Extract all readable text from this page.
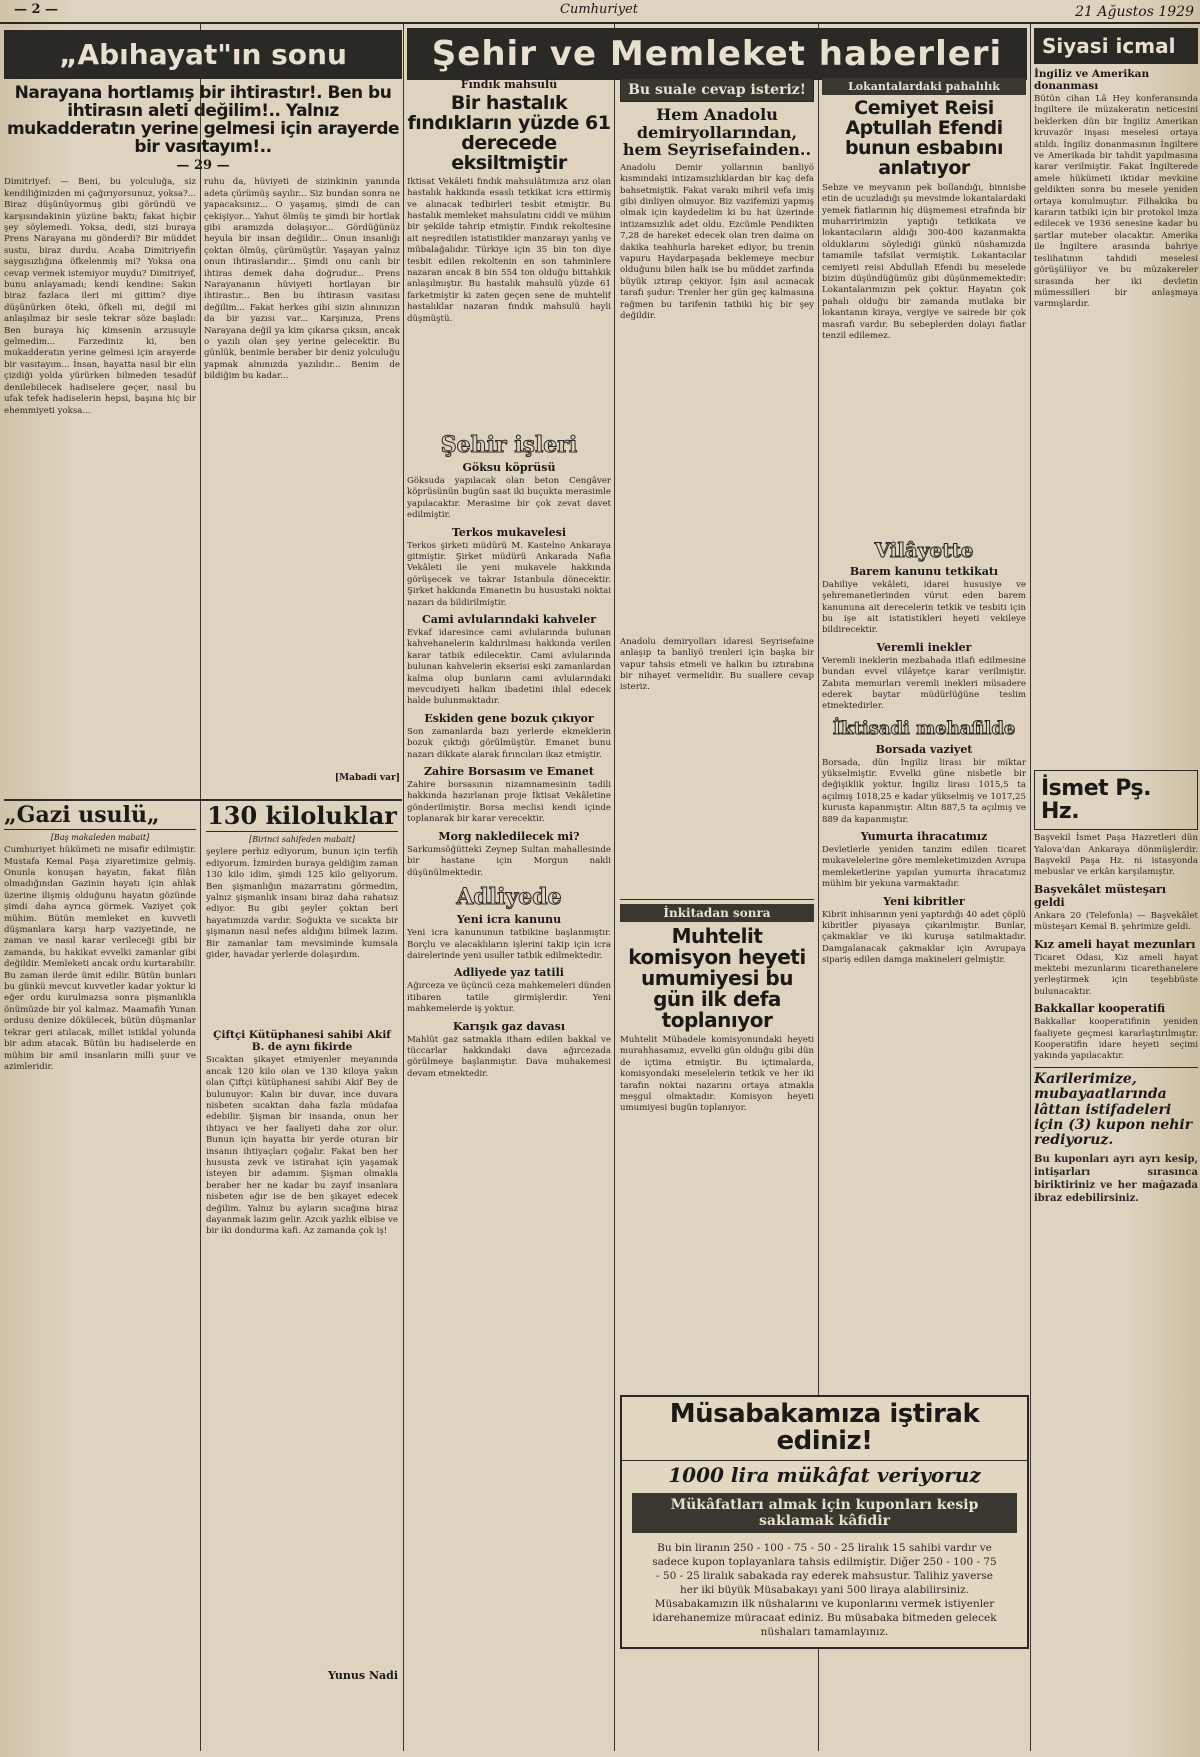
— 2 —	Cumhuriyet	21 Ağustos 1929
„Abıhayat"ın sonu
Narayana hortlamış bir ihtirastır!. Ben bu ihtirasın aleti değilim!.. Yalnız mukadderatın yerine gelmesi için arayerde bir vasıtayım!..
— 29 —
Dimitriyef: — Beni, bu yolculuğa, siz kendiliğinizden mi çağırıyorsunuz, yoksa?... Biraz düşünüyormuş gibi göründü ve karşısındakinin yüzüne baktı; fakat hiçbir şey söylemedi. Yoksa, dedi, sizi buraya Prens Narayana mı gönderdi? Bir müddet sustu, biraz durdu. Acaba Dimitriyefin saygısızlığına öfkelenmiş mi? Yoksa ona cevap vermek istemiyor muydu? Dimitriyef, bunu anlayamadı; kendi kendine: Sakın biraz fazlaca ileri mi gittim? diye düşünürken öteki, öfkeli mi, değil mi anlaşılmaz bir sesle tekrar söze başladı: Ben buraya hiç kimsenin arzusuyle gelmedim... Farzediniz ki, ben mukadderatın yerine gelmesi için arayerde bir vasıtayım... İnsan, hayatta nasıl bir elin çizdiği yolda yürürken bilmeden tesadüf denilebilecek hadiselere geçer, nasıl bu ufak tefek hadiselerin hepsi, başına hiç bir ehemmiyeti yoksa...
ruhu da, hüviyeti de sizinkinin yanında adeta çürümüş sayılır... Siz bundan sonra ne yapacaksınız... O yaşamış, şimdi de can çekişiyor... Yahut ölmüş te şimdi bir hortlak gibi aramızda dolaşıyor... Gördüğünüz heyula bir insan değildir... Onun insanlığı çoktan ölmüş, çürümüştür. Yaşayan yalnız onun ihtiraslarıdır... Şimdi onu canlı bir ihtiras demek daha doğrudur... Prens Narayananın hüviyeti hortlayan bir ihtirastır... Ben bu ihtirasın vasıtası değilim... Fakat herkes gibi sizin alınınızın da bir yazısı var... Karşınıza, Prens Narayana değil ya kim çıkarsa çıksın, ancak o yazılı olan şey yerine gelecektir. Bu günlük, benimle beraber bir deniz yolculuğu yapmak alnınızda yazılıdır... Benim de bildiğim bu kadar...
[Mabadi var]
„Gazi usulü„
[Baş makaleden mabait]
Cumhuriyet hükümeti ne misafir edilmiştir. Mustafa Kemal Paşa ziyaretimize gelmiş. Onunla konuşan hayatın, fakat filân olmadığından Gazinin hayatı için ahlak üzerine ilişmiş olduğunu hayatın gözünde şimdi daha ayrıca görmek. Vaziyet çok mühim. Bütün memleket en kuvvetli düşmanlara karşı harp vaziyetinde, ne zaman ve nasıl karar verileceği gibi bir zamanda, bu hakikat evvelki zamanlar gibi değildir. Memleketi ancak ordu kurtarabilir. Bu zaman ilerde ümit edilir. Bütün bunları bu günkü mevcut kuvvetler kadar yoktur ki eğer ordu kurulmazsa sonra pişmanlıkla önümüzde bir yol kalmaz. Maamafih Yunan ordusu denize dökülecek, bütün düşmanlar tekrar geri atılacak, millet istiklal yolunda bir adım atacak. Bütün bu hadiselerde en mühim bir amil insanların milli şuur ve azimleridir.
130 kiloluklar
[Birinci sahifeden mabait]
şeylere perhiz ediyorum, bunun için terfih ediyorum. İzmirden buraya geldiğim zaman 130 kilo idim, şimdi 125 kilo geliyorum. Ben şişmanlığın mazarratını görmedim, yalnız şişmanlık insanı biraz daha rahatsız ediyor. Bu gibi şeyler çoktan beri hayatımızda vardır. Soğukta ve sıcakta bir şişmanın nasıl nefes aldığını bilmek lazım. Bir zamanlar tam mevsiminde kumsala gider, havadar yerlerde dolaşırdım.
Çiftçi Kütüphanesi sahibi Akif B. de aynı fikirde
Sıcaktan şikayet etmiyenler meyanında ancak 120 kilo olan ve 130 kiloya yakın olan Çiftçi kütüphanesi sahibi Akif Bey de bulunuyor: Kalın bir duvar, ince duvara nisbeten sıcaktan daha fazla müdafaa edebilir. Şişman bir insanda, onun her ihtiyacı ve her faaliyeti daha zor olur. Bunun için hayatta bir yerde oturan bir insanın ihtiyaçları çoğalır. Fakat ben her hususta zevk ve istirahat için yaşamak isteyen bir adamım. Şişman olmakla beraber her ne kadar bu zayıf insanlara nisbeten ağır ise de ben şikayet edecek değilim. Yalnız bu ayların sıcağına biraz dayanmak lazım gelir. Azcık yazlık elbise ve bir iki dondurma kafi. Az zamanda çok iş!
Yunus Nadi
Şehir ve Memleket haberleri
Fındık mahsulü
Bir hastalık fındıkların yüzde 61 derecede eksiltmiştir
İktisat Vekâleti fındık mahsulâtımıza arız olan hastalık hakkında esaslı tetkikat icra ettirmiş ve alınacak tedbirleri tesbit etmiştir. Bu hastalık memleket mahsulatını ciddi ve mühim bir şekilde tahrip etmiştir. Fındık rekoltesine ait neşredilen istatistikler manzarayı yanlış ve mübalağalıdır. Türkiye için 35 bin ton diye tesbit edilen rekoltenin en son tahminlere nazaran ancak 8 bin 554 ton olduğu bittahkik anlaşılmıştır. Bu hastalık mahsulü yüzde 61 farketmiştir ki zaten geçen sene de muhtelif hastalıklar nazaran fındık mahsulü hayli düşmüştü.
Şehir işleri
Göksu köprüsü
Göksuda yapılacak olan beton Cengâver köprüsünün bugün saat iki buçukta merasimle yapılacaktır. Merasime bir çok zevat davet edilmiştir.
Terkos mukavelesi
Terkos şirketi müdürü M. Kastelno Ankaraya gitmiştir. Şirket müdürü Ankarada Nafia Vekâleti ile yeni mukavele hakkında görüşecek ve takrar Istanbula dönecektir. Şirket hakkında Emanetin bu husustaki noktai nazarı da bildirilmiştir.
Cami avlularındaki kahveler
Evkaf idaresince cami avlularında bulunan kahvehanelerin kaldırılması hakkında verilen karar tatbik edilecektir. Cami avlularında bulunan kahvelerin ekserisi eski zamanlardan kalma olup bunların cami avlularındaki mevcudiyeti halkın ibadetini ihlal edecek halde bulunmaktadır.
Eskiden gene bozuk çıkıyor
Son zamanlarda bazı yerlerde ekmeklerin bozuk çıktığı görülmüştür. Emanet bunu nazarı dikkate alarak fırıncıları ikaz etmiştir.
Zahire Borsasım ve Emanet
Zahire borsasının nizamnamesinin tadili hakkında hazırlanan proje İktisat Vekâletine gönderilmiştir. Borsa meclisi kendi içinde toplanarak bir karar verecektir.
Morg nakledilecek mi?
Sarkumsöğütteki Zeynep Sultan mahallesinde bir hastane için Morgun nakli düşünülmektedir.
Adliyede
Yeni icra kanunu
Yeni icra kanununun tatbikine başlanmıştır. Borçlu ve alacaklıların işlerini takip için icra dairelerinde yeni usuller tatbik edilmektedir.
Adliyede yaz tatili
Ağırceza ve üçüncü ceza mahkemeleri dünden itibaren tatile girmişlerdir. Yeni mahkemelerde iş yoktur.
Karışık gaz davası
Mahlût gaz satmakla itham edilen bakkal ve tüccarlar hakkındaki dava ağırcezada görülmeye başlanmıştır. Dava muhakemesi devam etmektedir.
Bu suale cevap isteriz!
Hem Anadolu demiryollarından, hem Seyrisefainden..
Anadolu Demir yollarının banliyö kısmındaki intizamsızlıklardan bir kaç defa bahsetmiştik. Fakat varakı mihril vefa imiş gibi dinliyen olmuyor. Biz vazifemizi yapmış olmak için kaydedelim ki bu hat üzerinde intizamsızlık adet oldu. Ezcümle Pendikten 7,28 de hareket edecek olan tren daima on dakika teahhurla hareket ediyor, bu trenin vapuru Haydarpaşada beklemeye mecbur olduğunu bilen halk ise bu müddet zarfında büyük ıztırap çekiyor. İşin asıl acınacak tarafı şudur: Trenler her gün geç kalmasına rağmen bu tarifenin tatbiki hiç bir şey değildir.
Anadolu demiryolları idaresi Seyrisefaine anlaşıp ta banliyö trenleri için başka bir vapur tahsis etmeli ve halkın bu ıztırabına bir nihayet vermelidir. Bu suallere cevap isteriz.
İnkitadan sonra
Muhtelit komisyon heyeti umumiyesi bu gün ilk defa toplanıyor
Muhtelit Mübadele komisyonundaki heyeti murahhasamız, evvelki gün olduğu gibi dün de içtima etmiştir. Bu içtimalarda, komisyondaki meselelerin tetkik ve her iki tarafın noktai nazarını ortaya atmakla meşgul olmaktadır. Komisyon heyeti umumiyesi bugün toplanıyor.
Müsabakamıza iştirak ediniz!
1000 lira mükâfat veriyoruz
Mükâfatları almak için kuponları kesip saklamak kâfidir
Bu bin liranın 250 - 100 - 75 - 50 - 25 liralık 15 sahibi vardır ve sadece kupon toplayanlara tahsis edilmiştir. Diğer 250 - 100 - 75 - 50 - 25 liralık sabakada ray ederek mahsustur. Talihiz yaverse her iki büyük Müsabakayı yani 500 liraya alabilirsiniz. Müsabakamızın ilk nüshalarını ve kuponlarını vermek istiyenler idarehanemize müracaat ediniz. Bu müsabaka bitmeden gelecek nüshaları tamamlayınız.
Lokantalardaki pahalılık
Cemiyet Reisi Aptullah Efendi bunun esbabını anlatıyor
Sebze ve meyvanın pek bollandığı, binnisbe etin de ucuzladığı şu mevsimde lokantalardaki yemek fiatlarının hiç düşmemesi etrafında bir muharririmizin yaptığı tetkikata ve lokantacıların aldığı 300-400 kazanmakta olduklarını söylediği günkü nüshamızda tamamile tafsilat vermiştik. Lokantacılar cemiyeti reisi Abdullah Efendi bu meselede bizim düşündüğümüz gibi düşünmemektedir: Lokantalarımızın pek çoktur. Hayatın çok pahalı olduğu bir zamanda mutlaka bir lokantanın kiraya, vergiye ve sairede bir çok masrafı vardır. Bu sebeplerden dolayı fiatlar tenzil edilemez.
Vilâyette
Barem kanunu tetkikatı
Dahiliye vekâleti, idarei hususiye ve şehremanetlerinden vürut eden barem kanununa ait derecelerin tetkik ve tesbiti için bu işe ait istatistikleri heyeti vekileye bildirecektir.
Veremli inekler
Veremli ineklerin mezbahada itlafı edilmesine bundan evvel vilâyetçe karar verilmiştir. Zabıta memurları veremli inekleri müsadere ederek baytar müdürlüğüne teslim etmektedirler.
İktisadi mehafilde
Borsada vaziyet
Borsada, dün İngiliz lirası bir miktar yükselmiştir. Evvelki güne nisbetle bir değişiklik yoktur. İngiliz lirası 1015,5 ta açılmış 1018,25 e kadar yükselmiş ve 1017,25 kurusta kapanmıştır. Altın 887,5 ta açılmış ve 889 da kapanmıştır.
Yumurta ihracatımız
Devletlerle yeniden tanzim edilen ticaret mukavelelerine göre memleketimizden Avrupa memleketlerine yapılan yumurta ihracatımız mühim bir yekuna varmaktadır.
Yeni kibritler
Kibrit inhisarının yeni yaptırdığı 40 adet çöplü kibritler piyasaya çıkarılmıştır. Bunlar, çakmaklar ve iki kuruşa satılmaktadır. Damgalanacak çakmaklar için Avrupaya sipariş edilen damga makineleri gelmiştir.
Siyasi icmal
İngiliz ve Amerikan donanması
Bütün cihan Lâ Hey konferansında İngiltere ile müzakeratın neticesini beklerken dün bir İngiliz Amerikan kruvazör inşası meselesi ortaya atıldı. İngiliz donanmasının İngiltere ve Amerikada bir tahdit yapılmasına karar verilmiştir. Fakat İngilterede amele hükümeti iktidar mevkiine geldikten sonra bu mesele yeniden ortaya konulmuştur. Filhakika bu kararın tatbiki için bir protokol imza edilecek ve 1936 senesine kadar bu şartlar muteber olacaktır. Amerika ile İngiltere arasında bahriye teslihatının tahdidi meselesi görüşülüyor ve bu müzakereler sırasında her iki devletin mümessilleri bir anlaşmaya varmışlardır.
İsmet Pş. Hz.
Başvekil İsmet Paşa Hazretleri dün Yalova'dan Ankaraya dönmüşlerdir. Başvekil Paşa Hz. ni istasyonda mebuslar ve erkân karşılamıştır.
Başvekâlet müsteşarı geldi
Ankara 20 (Telefonla) — Başvekâlet müsteşarı Kemal B. şehrimize geldi.
Kız ameli hayat mezunları
Ticaret Odası, Kız ameli hayat mektebi mezunlarını ticarethanelere yerleştirmek için teşebbüste bulunacaktır.
Bakkallar kooperatifi
Bakkallar kooperatifinin yeniden faaliyete geçmesi kararlaştırılmıştır. Kooperatifin idare heyeti seçimi yakında yapılacaktır.
Karilerimize, mubayaatlarında lâttan istifadeleri için (3) kupon nehir rediyoruz.
Bu kuponları ayrı ayrı kesip, intişarları sırasınca biriktiriniz ve her mağazada ibraz edebilirsiniz.
